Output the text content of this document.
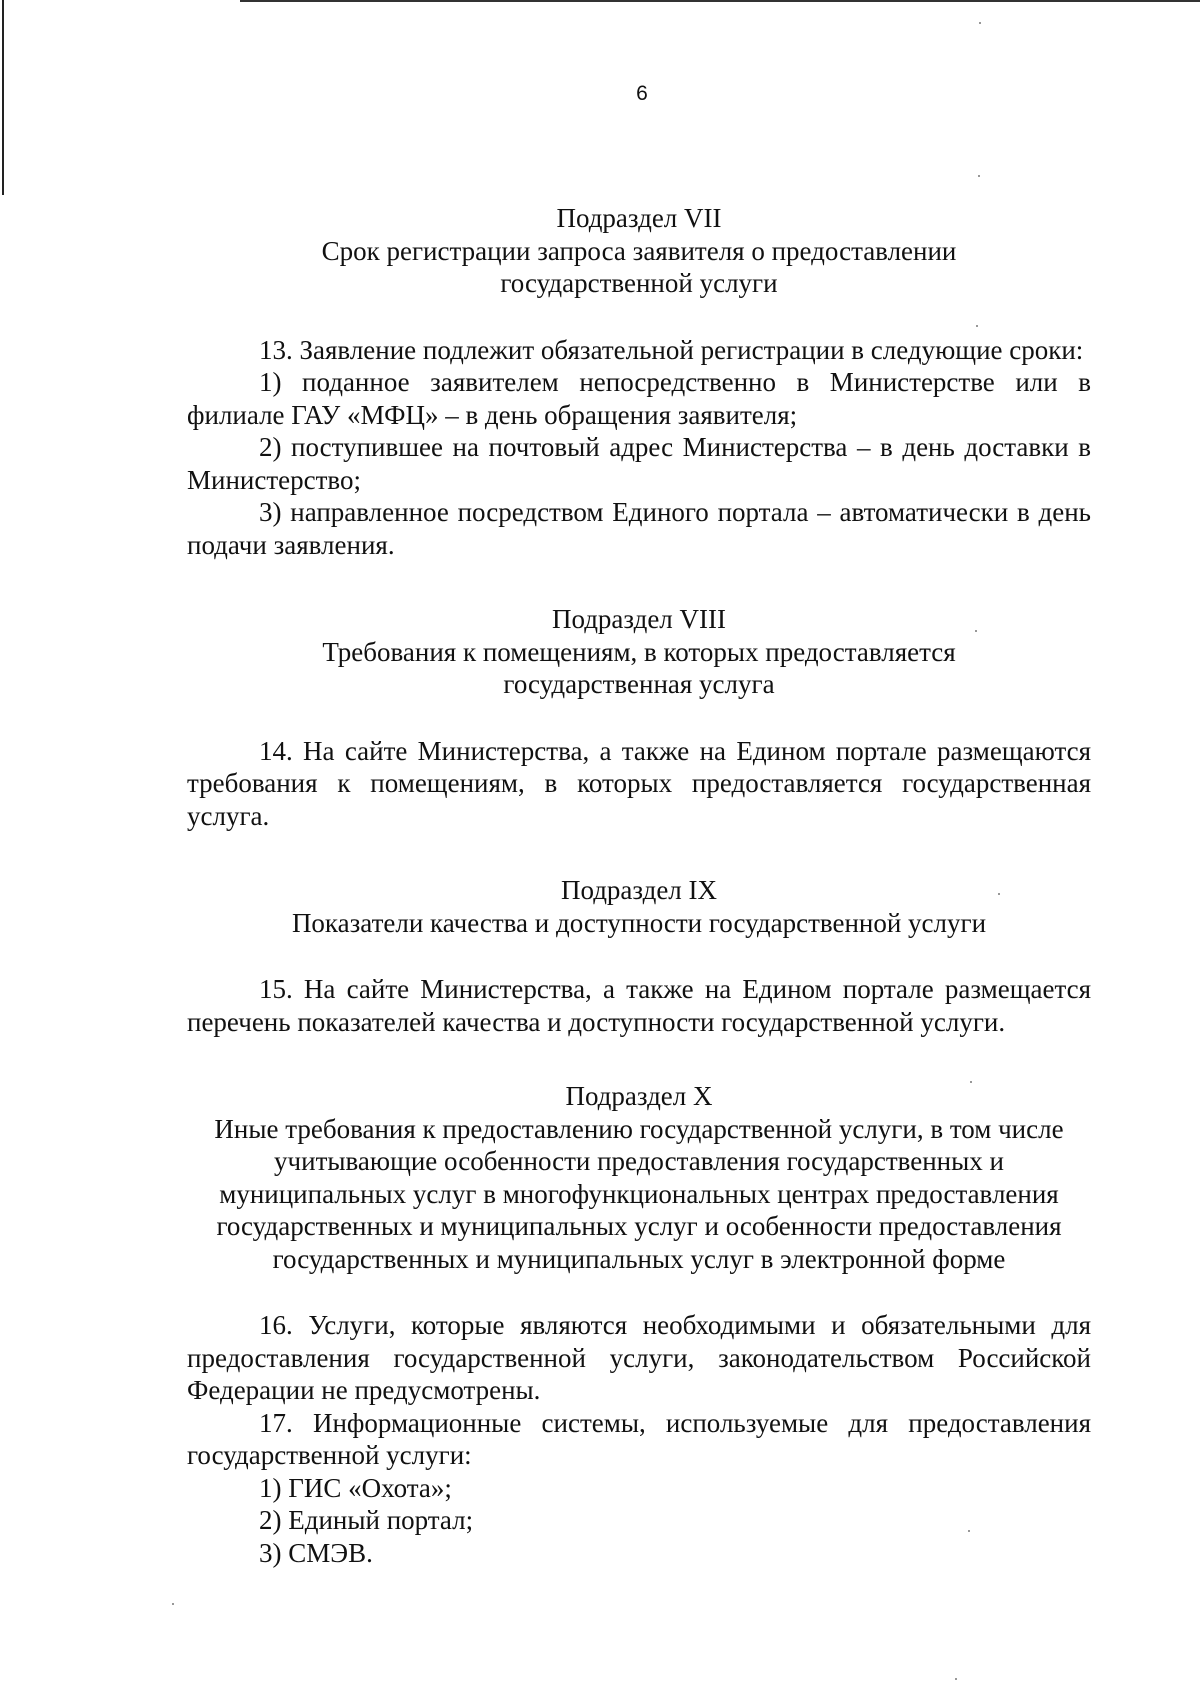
6
Подраздел VII
Срок регистрации запроса заявителя о предоставлении
государственной услуги

13. Заявление подлежит обязательной регистрации в следующие сроки:

1) поданное заявителем непосредственно в Министерстве или в филиале ГАУ «МФЦ» – в день обращения заявителя;

2) поступившее на почтовый адрес Министерства – в день доставки в Министерство;

3) направленное посредством Единого портала – автоматически в день подачи заявления.

Подраздел VIII
Требования к помещениям, в которых предоставляется
государственная услуга

14. На сайте Министерства, а также на Едином портале размещаются требования к помещениям, в которых предоставляется государственная услуга.

Подраздел IX
Показатели качества и доступности государственной услуги

15. На сайте Министерства, а также на Едином портале размещается перечень показателей качества и доступности государственной услуги.

Подраздел X
Иные требования к предоставлению государственной услуги, в том числе
учитывающие особенности предоставления государственных и
муниципальных услуг в многофункциональных центрах предоставления
государственных и муниципальных услуг и особенности предоставления
государственных и муниципальных услуг в электронной форме

16. Услуги, которые являются необходимыми и обязательными для предоставления государственной услуги, законодательством Российской Федерации не предусмотрены.

17. Информационные системы, используемые для предоставления государственной услуги:

1) ГИС «Охота»;
2) Единый портал;
3) СМЭВ.
